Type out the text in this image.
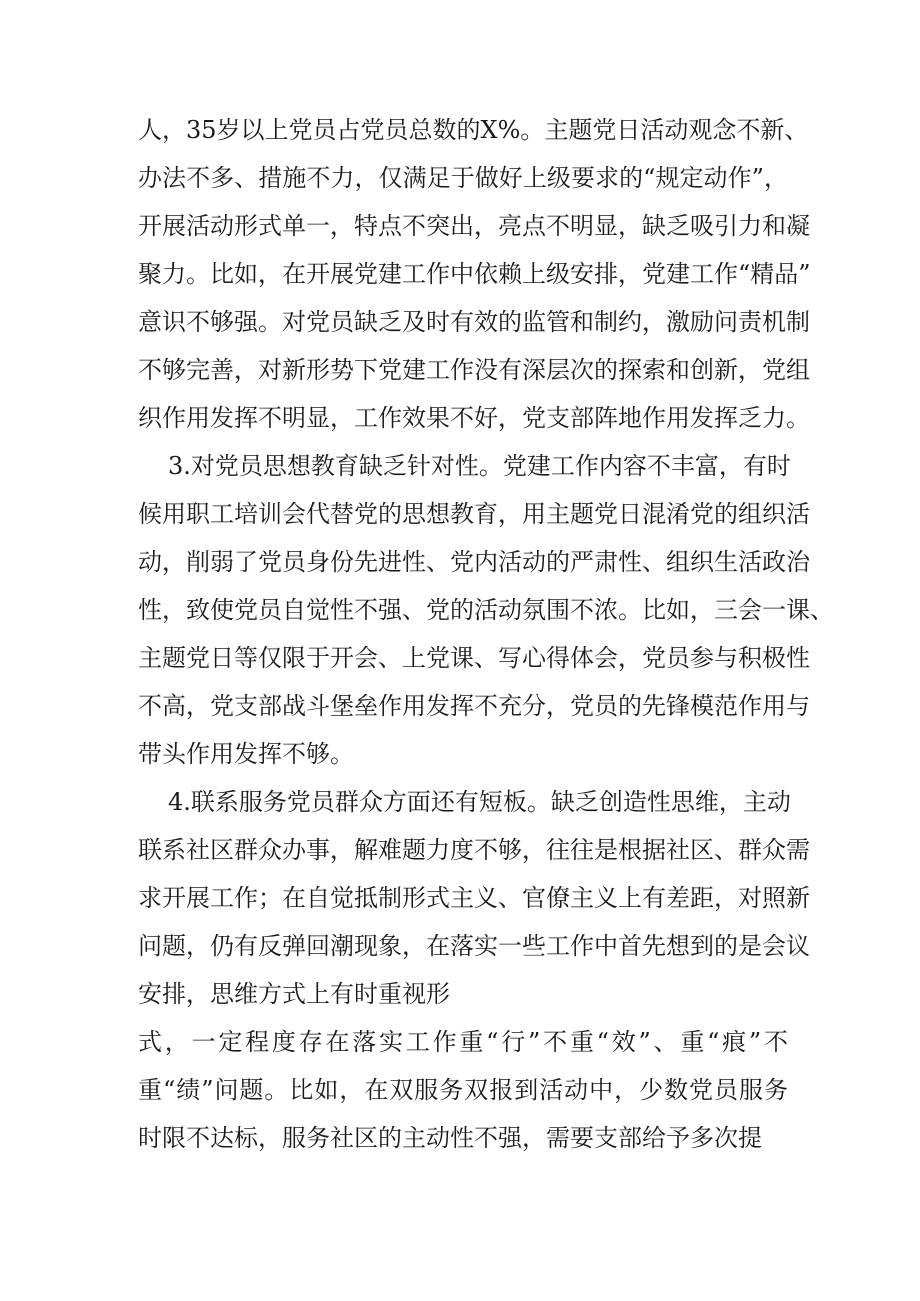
人，35岁以上党员占党员总数的X%。主题党日活动观念不新、
办法不多、措施不力，仅满足于做好上级要求的“规定动作”，
开展活动形式单一，特点不突出，亮点不明显，缺乏吸引力和凝
聚力。比如，在开展党建工作中依赖上级安排，党建工作“精品”
意识不够强。对党员缺乏及时有效的监管和制约，激励问责机制
不够完善，对新形势下党建工作没有深层次的探索和创新，党组
织作用发挥不明显，工作效果不好，党支部阵地作用发挥乏力。
3.对党员思想教育缺乏针对性。党建工作内容不丰富，有时
候用职工培训会代替党的思想教育，用主题党日混淆党的组织活
动，削弱了党员身份先进性、党内活动的严肃性、组织生活政治
性，致使党员自觉性不强、党的活动氛围不浓。比如，三会一课、
主题党日等仅限于开会、上党课、写心得体会，党员参与积极性
不高，党支部战斗堡垒作用发挥不充分，党员的先锋模范作用与
带头作用发挥不够。
4.联系服务党员群众方面还有短板。缺乏创造性思维，主动
联系社区群众办事，解难题力度不够，往往是根据社区、群众需
求开展工作；在自觉抵制形式主义、官僚主义上有差距，对照新
问题，仍有反弹回潮现象，在落实一些工作中首先想到的是会议
安排，思维方式上有时重视形
式，一定程度存在落实工作重“行”不重“效”、重“痕”不
重“绩”问题。比如，在双服务双报到活动中，少数党员服务
时限不达标，服务社区的主动性不强，需要支部给予多次提
